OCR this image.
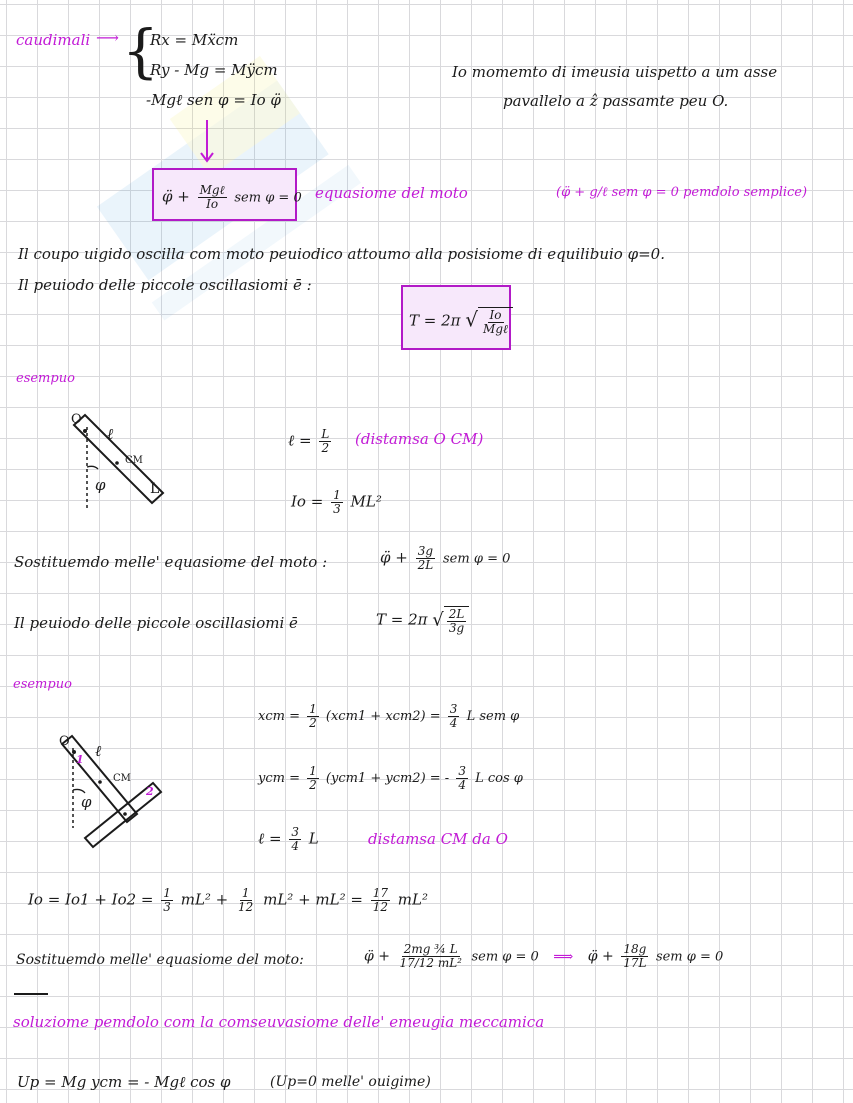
caudimali ⟶ {
Rx = Mẍcm
Ry - Mg = Mÿcm
-Mgℓ sen φ = Io φ̈
Io momemto di imeusia uispetto a um asse
pavallelo a ẑ passamte peu O.
φ̈ + $\frac{\text{Mgℓ}}{Io}$ sem φ = 0 equasiome del moto	(φ̈ + g/ℓ sem φ = 0 pemdolo semplice)
Il coupo uigido oscilla com moto peuiodico attoumo alla posisiome di equilibuio φ=0.
Il peuiodo delle piccole oscillasiomi ē :
T = 2π √ $\frac{Io}{\text{Mgℓ}}$
esempuo
O
ℓ
CM
φ	L
ℓ = $\frac{L}{2}$ (distamsa O CM)
$Io = \frac{1}{3} ML^2$
Sostituemdo melle' equasiome del moto :	φ̈ + $\frac{3g}{2L}$ sem φ = 0
Il peuiodo delle piccole oscillasiomi ē	T = 2π √ $\frac{2L}{3g}$
esempuo
O
ℓ
1
CM
2
φ
xcm = $\frac{1}{2} (xcm1 + xcm2) = \frac{3}{4}$ L sem φ
ycm = $\frac{1}{2} (ycm1 + ycm2)$ = - $\frac{3}{4}$ L cos φ
ℓ = $\frac{3}{4}$ L	distamsa CM da O
$Io = Io1 + Io2 = \frac{1}{3} mL^2 + \frac{1}{12} mL^2 + mL^2 = \frac{17}{12} mL^2$
Sostituemdo melle' equasiome del moto:	φ̈ + $\frac{\text{2mg ¾ L}}{\text{17/12 mL²}}$ sem φ = 0 ⟹ φ̈ + $\frac{18g}{17L}$ sem φ = 0
soluziome pemdolo com la comseuvasiome delle' emeugia meccamica
Up = Mg ycm = - Mgℓ cos φ	(Up=0 melle' ouigime)
